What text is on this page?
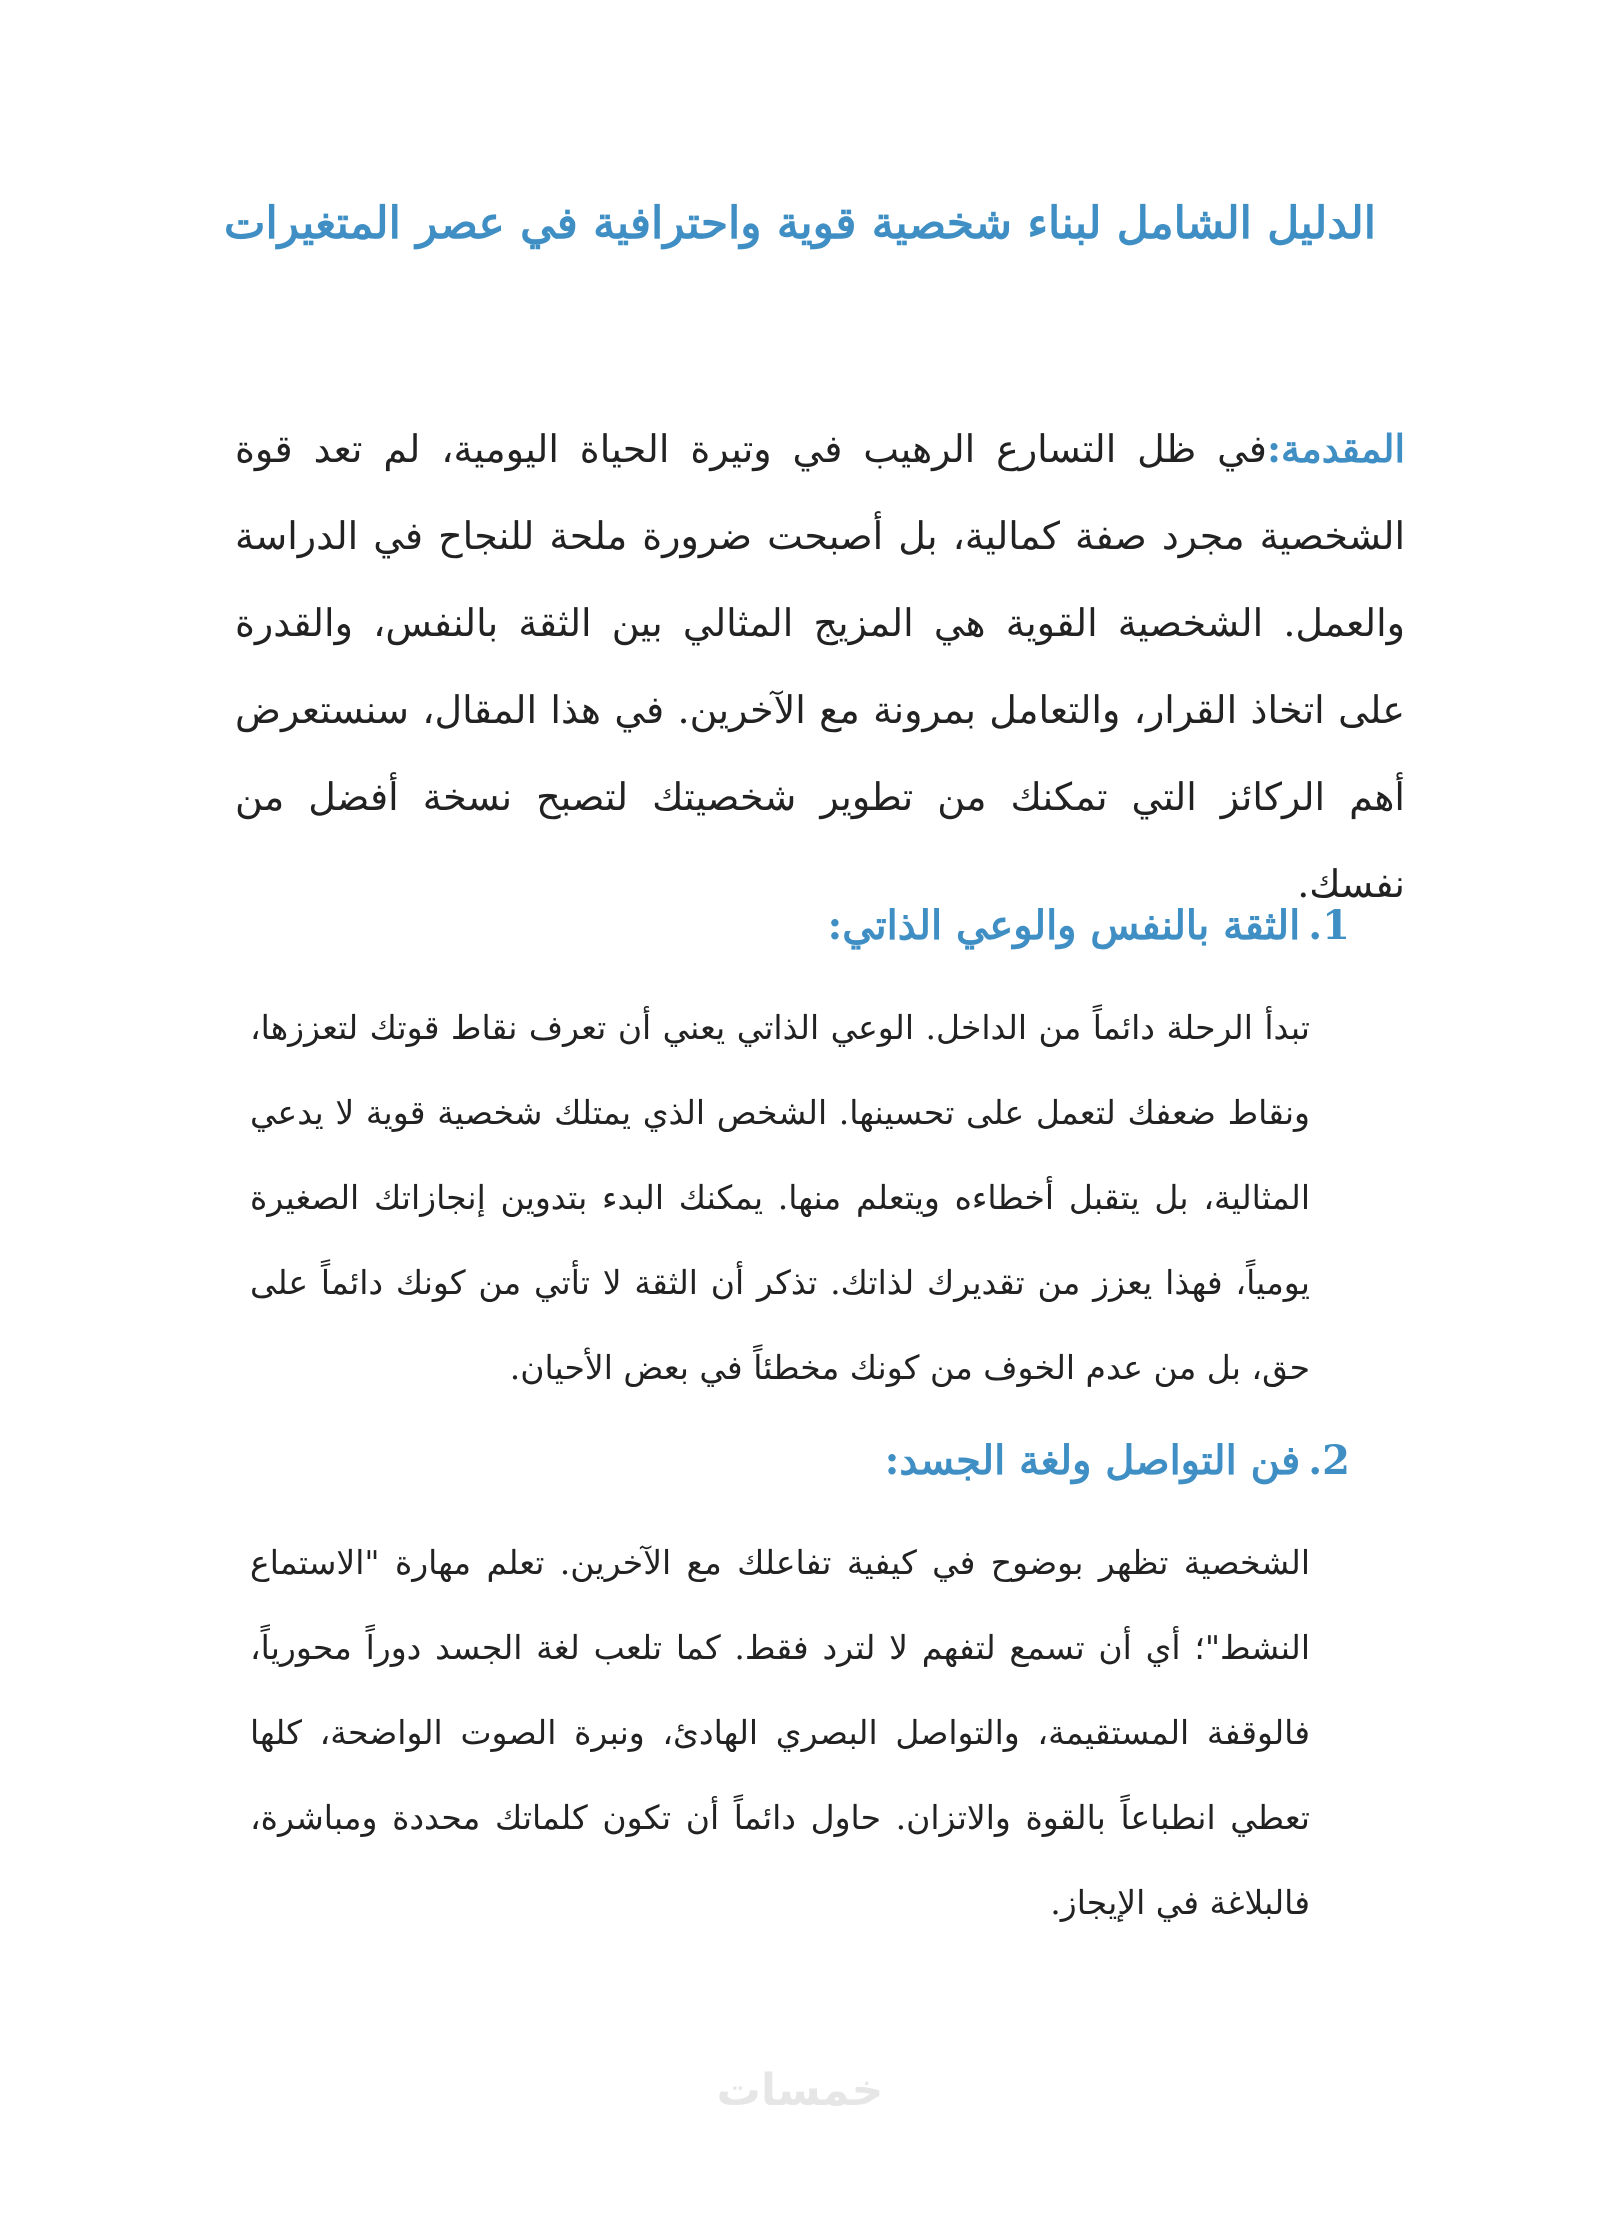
الدليل الشامل لبناء شخصية قوية واحترافية في عصر المتغيرات

المقدمة:في ظل التسارع الرهيب في وتيرة الحياة اليومية، لم تعد قوة الشخصية مجرد صفة كمالية، بل أصبحت ضرورة ملحة للنجاح في الدراسة والعمل. الشخصية القوية هي المزيج المثالي بين الثقة بالنفس، والقدرة على اتخاذ القرار، والتعامل بمرونة مع الآخرين. في هذا المقال، سنستعرض أهم الركائز التي تمكنك من تطوير شخصيتك لتصبح نسخة أفضل من نفسك.

1.الثقة بالنفس والوعي الذاتي:

تبدأ الرحلة دائماً من الداخل. الوعي الذاتي يعني أن تعرف نقاط قوتك لتعززها، ونقاط ضعفك لتعمل على تحسينها. الشخص الذي يمتلك شخصية قوية لا يدعي المثالية، بل يتقبل أخطاءه ويتعلم منها. يمكنك البدء بتدوين إنجازاتك الصغيرة يومياً، فهذا يعزز من تقديرك لذاتك. تذكر أن الثقة لا تأتي من كونك دائماً على حق، بل من عدم الخوف من كونك مخطئاً في بعض الأحيان.

2.فن التواصل ولغة الجسد:

الشخصية تظهر بوضوح في كيفية تفاعلك مع الآخرين. تعلم مهارة "الاستماع النشط"؛ أي أن تسمع لتفهم لا لترد فقط. كما تلعب لغة الجسد دوراً محورياً، فالوقفة المستقيمة، والتواصل البصري الهادئ، ونبرة الصوت الواضحة، كلها تعطي انطباعاً بالقوة والاتزان. حاول دائماً أن تكون كلماتك محددة ومباشرة، فالبلاغة في الإيجاز.

خمسات
